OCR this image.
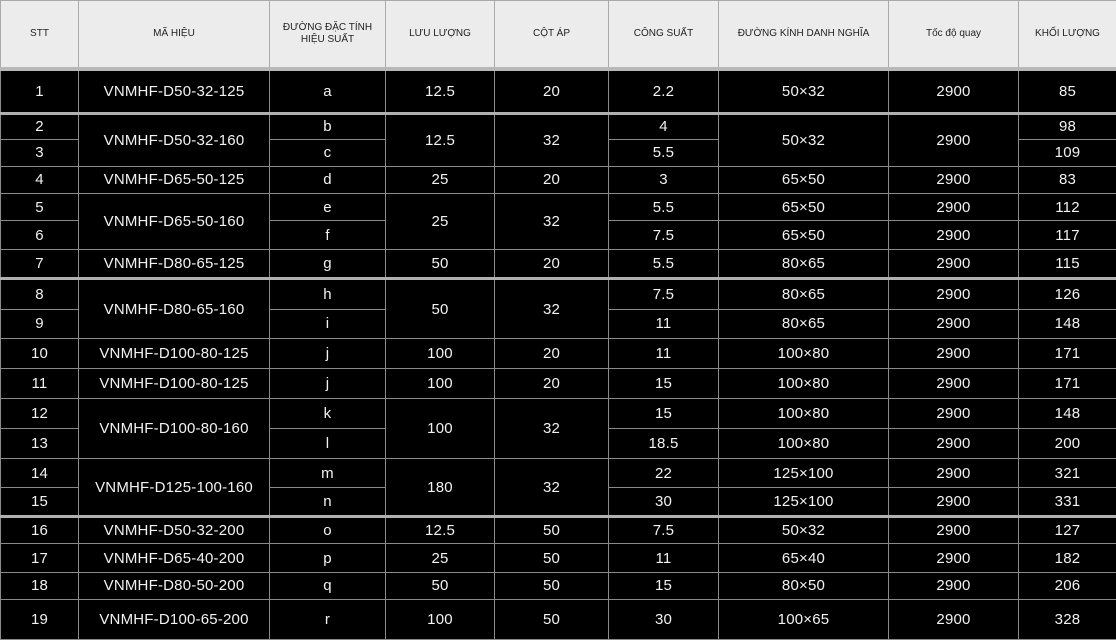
STT	MÃ HIỆU	ĐƯỜNG ĐẶC TÍNH
HIỆU SUẤT	LƯU LƯỢNG	CỘT ÁP	CÔNG SUẤT	ĐƯỜNG KÍNH DANH NGHĨA	Tốc độ quay	KHỐI LƯỢNG
1	VNMHF-D50-32-125	a	12.5	20	2.2	50×32	2900	85
2	VNMHF-D50-32-160	b	12.5	32	4	50×32	2900	98
3		c			5.5			109
4	VNMHF-D65-50-125	d	25	20	3	65×50	2900	83
5	VNMHF-D65-50-160	e	25	32	5.5	65×50	2900	112
6		f			7.5	65×50	2900	117
7	VNMHF-D80-65-125	g	50	20	5.5	80×65	2900	115
8	VNMHF-D80-65-160	h	50	32	7.5	80×65	2900	126
9		i			11	80×65	2900	148
10	VNMHF-D100-80-125	j	100	20	11	100×80	2900	171
11	VNMHF-D100-80-125	j	100	20	15	100×80	2900	171
12	VNMHF-D100-80-160	k	100	32	15	100×80	2900	148
13		l			18.5	100×80	2900	200
14	VNMHF-D125-100-160	m	180	32	22	125×100	2900	321
15		n			30	125×100	2900	331
16	VNMHF-D50-32-200	o	12.5	50	7.5	50×32	2900	127
17	VNMHF-D65-40-200	p	25	50	11	65×40	2900	182
18	VNMHF-D80-50-200	q	50	50	15	80×50	2900	206
19	VNMHF-D100-65-200	r	100	50	30	100×65	2900	328
